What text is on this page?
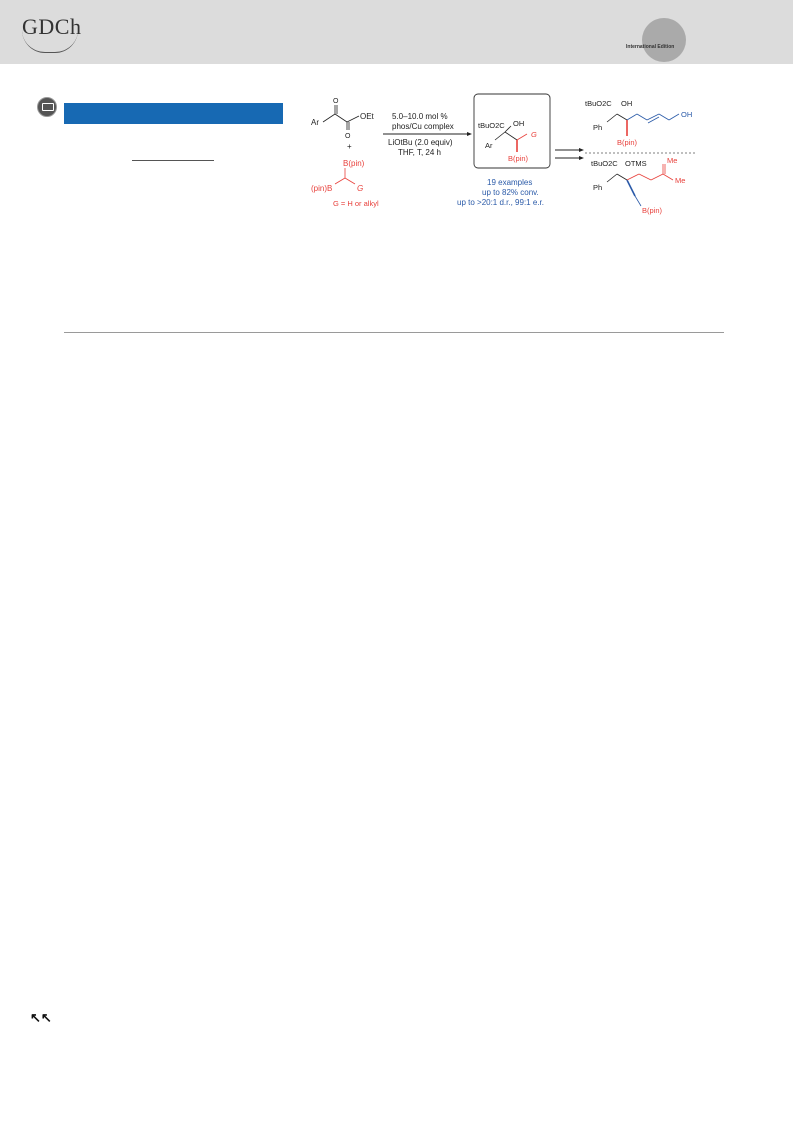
GDCh
International Edition
O
O
Ar
OEt
+
B(pin)
(pin)B	G
G = H or alkyl
5.0–10.0 mol %
phos/Cu complex
LiOtBu (2.0 equiv)
THF, T, 24 h
tBuO2C OH
Ar
G
B(pin)
19 examples
up to 82% conv.
up to >20:1 d.r., 99:1 e.r.
tBuO2C OH
Ph
B(pin)
OH
tBuO2C OTMS
Ph
Me
Me
B(pin)
↖↖
